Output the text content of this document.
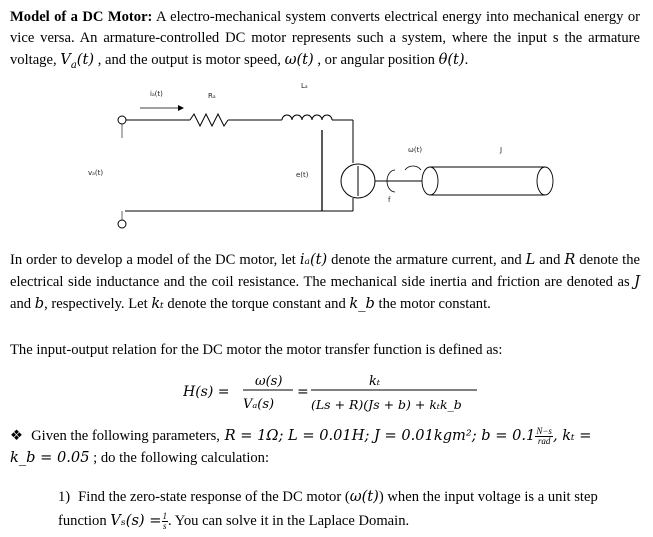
Model of a DC Motor: A electro-mechanical system converts electrical energy into mechanical energy or vice versa. An armature-controlled DC motor represents such a system, where the input s the armature voltage, $V_a(t)$ , and the output is motor speed, ω(t) , or angular position θ(t).
iₐ(t)	Rₐ
Lₐ
e(t)
f
ω(t)	J
vₐ(t)
In order to develop a model of the DC motor, let iₐ(t) denote the armature current, and L and R denote the electrical side inductance and the coil resistance. The mechanical side inertia and friction are denoted as J and b, respectively. Let kₜ denote the torque constant and k_b the motor constant.
The input-output relation for the DC motor the motor transfer function is defined as:
H(s) =
ω(s)
Vₐ(s)
=
kₜ
(Ls + R)(Js + b) + kₜk_b
❖ Given the following parameters, R = 1Ω; L = 0.01H; J = 0.01kgm²; $b = 0.1 \frac{N-s}{\text{rad}}$ , kₜ =
k_b = 0.05 ; do the following calculation:
1) Find the zero-state response of the DC motor (ω(t)) when the input voltage is a unit step function $V_s(s) = \frac{1}{s}$ . You can solve it in the Laplace Domain.
